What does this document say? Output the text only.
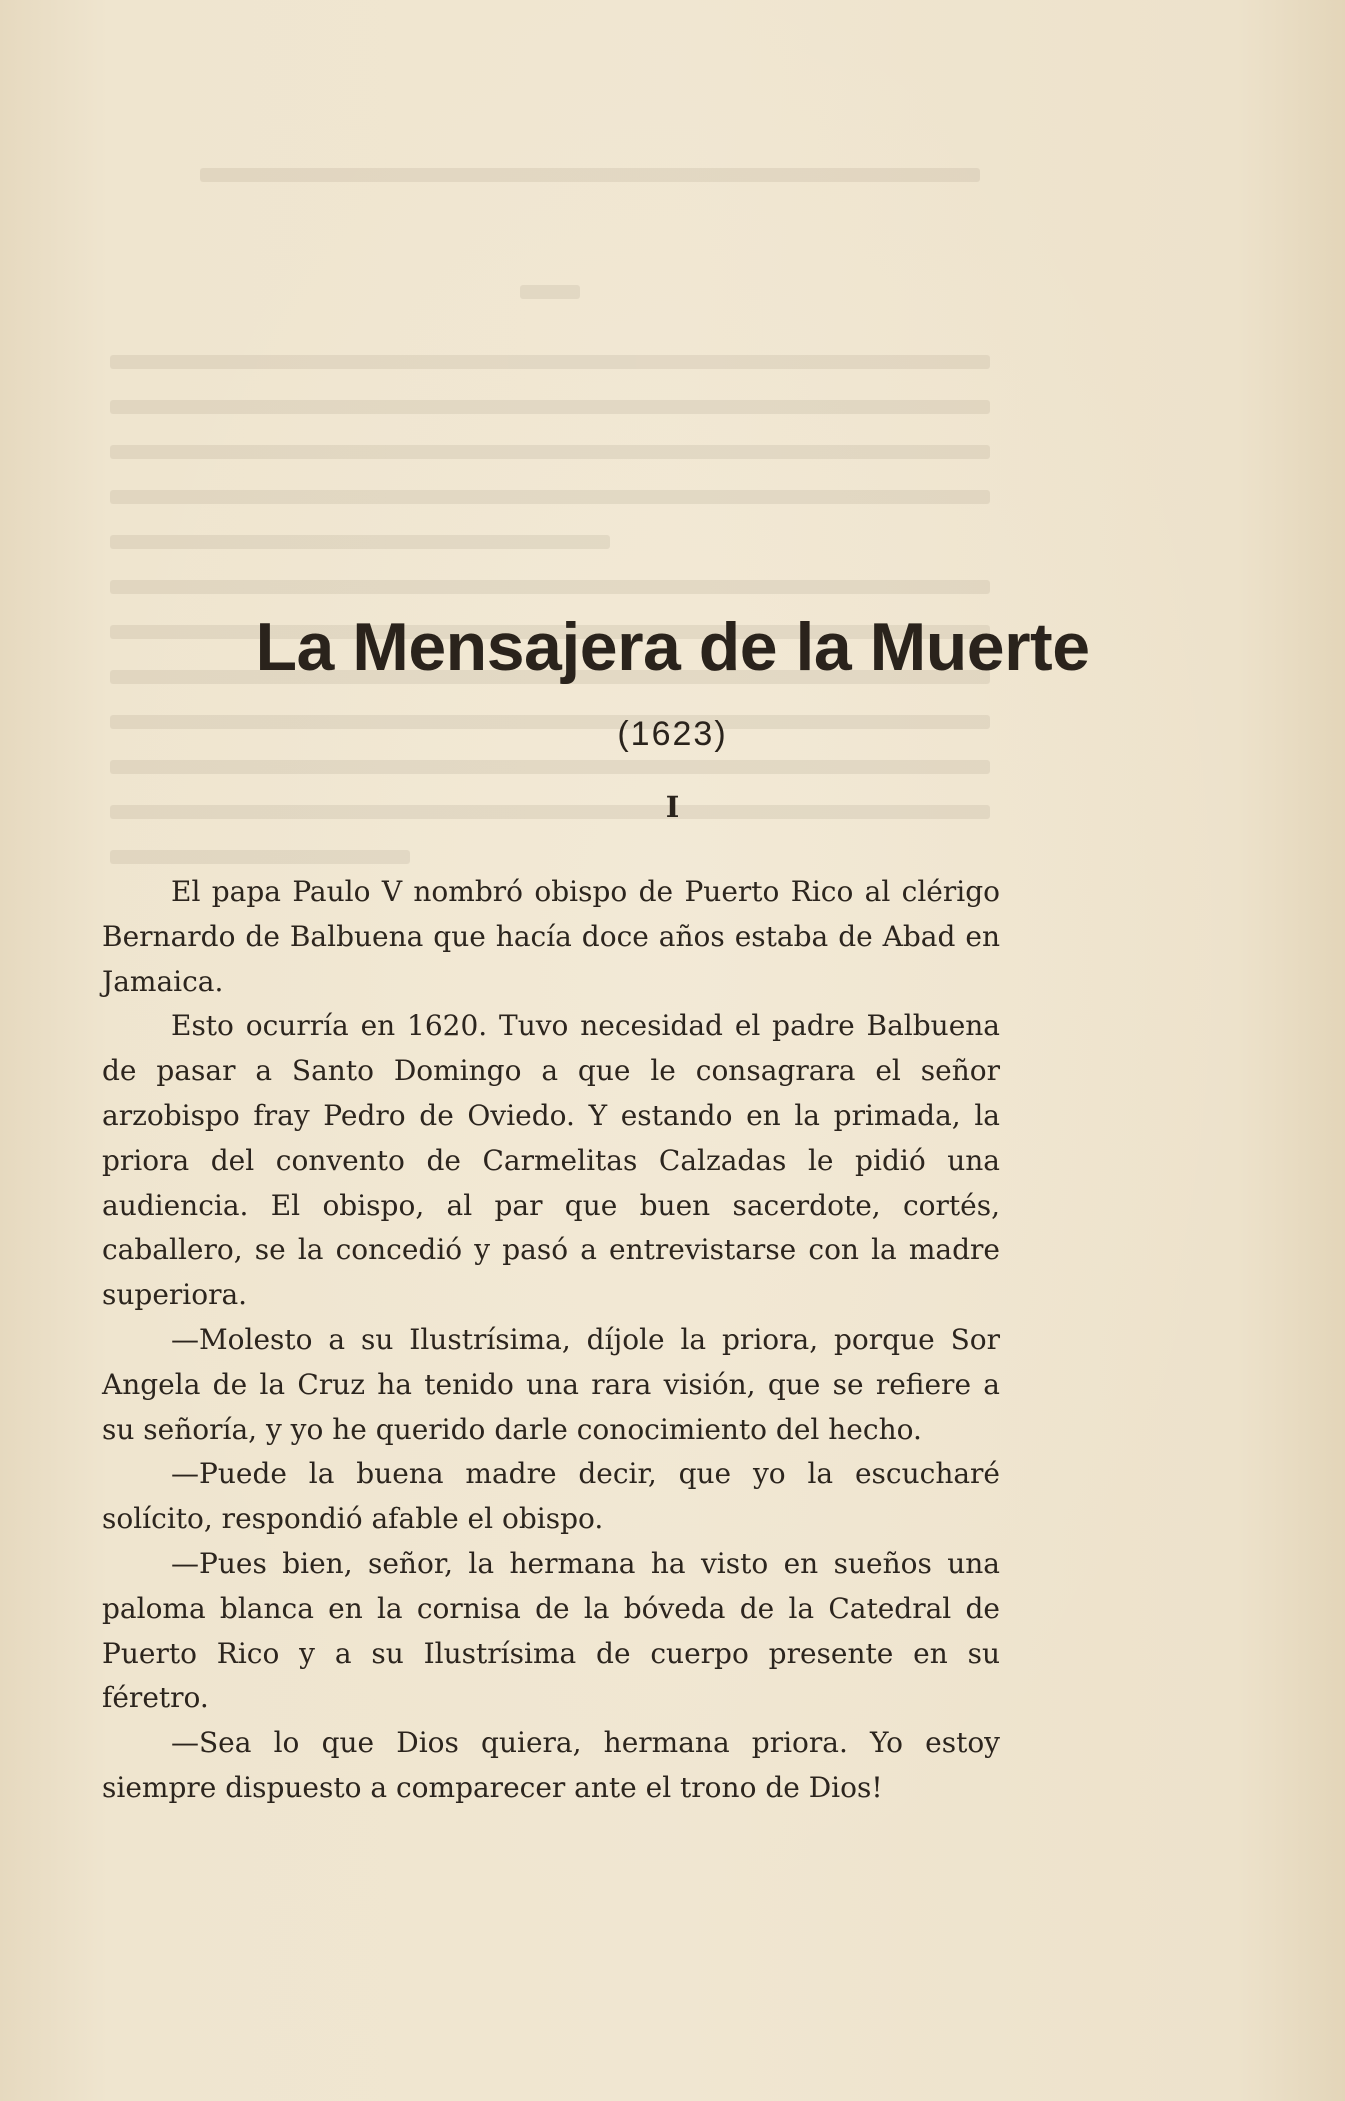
La Mensajera de la Muerte
(1623)
I

El papa Paulo V nombró obispo de Puerto Rico al clérigo Bernardo de Balbuena que hacía doce años estaba de Abad en Jamaica.

Esto ocurría en 1620. Tuvo necesidad el padre Balbuena de pasar a Santo Domingo a que le consagrara el señor arzobispo fray Pedro de Oviedo. Y estando en la primada, la priora del convento de Carmelitas Calzadas le pidió una audiencia. El obispo, al par que buen sacerdote, cortés, caballero, se la concedió y pasó a entrevistarse con la madre superiora.

—Molesto a su Ilustrísima, díjole la priora, porque Sor Angela de la Cruz ha tenido una rara visión, que se refiere a su señoría, y yo he querido darle conocimiento del hecho.

—Puede la buena madre decir, que yo la escucharé solícito, respondió afable el obispo.

—Pues bien, señor, la hermana ha visto en sueños una paloma blanca en la cornisa de la bóveda de la Catedral de Puerto Rico y a su Ilustrísima de cuerpo presente en su féretro.

—Sea lo que Dios quiera, hermana priora. Yo estoy siempre dispuesto a comparecer ante el trono de Dios!
